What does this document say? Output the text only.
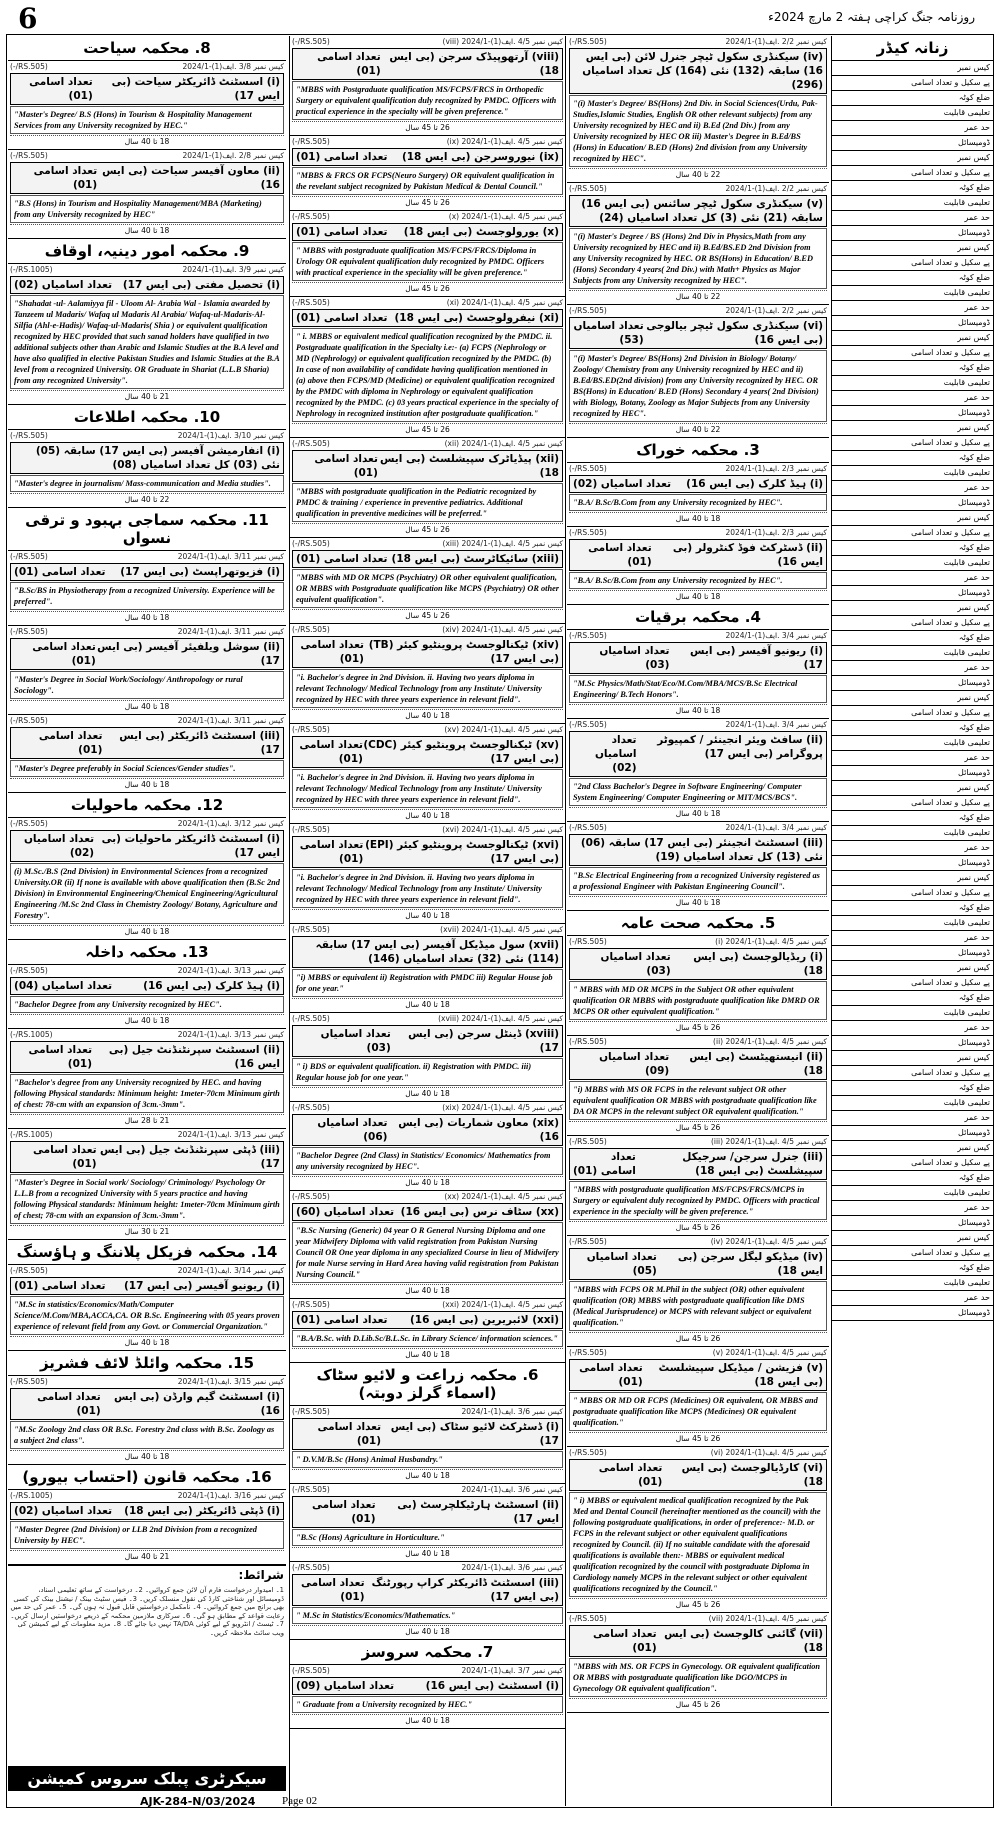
6	روزنامہ جنگ کراچی ہفتہ 2 مارچ 2024ء
8. محکمہ سیاحت
کیس نمبر 3/8 .ایف(1)-2024/1
(RS.505/-)
(i) اسسٹنٹ ڈائریکٹر سیاحت (بی ایس 17)
تعداد اسامی (01)
"Master's Degree/ B.S (Hons) in Tourism & Hospitality Management Services from any University recognized by HEC."
18 تا 40 سال
کیس نمبر 2/8 .ایف(1)-2024/1
(RS.505/-)
(ii) معاون آفیسر سیاحت (بی ایس 16)
تعداد اسامی (01)
"B.S (Hons) in Tourism and Hospitality Management/MBA (Marketing) from any University recognized by HEC"
18 تا 40 سال
9. محکمہ امور دینیہ، اوقاف
کیس نمبر 3/9 .ایف(1)-2024/1
(RS.1005/-)
(i) تحصیل مفتی (بی ایس 17)
تعداد اسامیاں (02)
"Shahadat -ul- Aalamiyya fil - Uloom Al- Arabia Wal - Islamia awarded by Tanzeem ul Madaris/ Wafaq ul Madaris Al Arabia/ Wafaq-ul-Madaris-Al-Silfia (Ahl-e-Hadis)/ Wafaq-ul-Madaris( Shia ) or equivalent qualification recognized by HEC provided that such sanad holders have qualified in two additional subjects other than Arabic and Islamic Studies at the B.A level and have also qualified in elective Pakistan Studies and Islamic Studies at the B.A level from a recognized University. OR Graduate in Shariat (L.L.B Sharia) from any recognized University".
21 تا 40 سال
10. محکمہ اطلاعات
کیس نمبر 3/10 .ایف(1)-2024/1
(RS.505/-)
(i) انفارمیشن آفیسر (بی ایس 17) سابقہ (05) نئی (03) کل تعداد اسامیاں (08)
"Master's degree in journalism/ Mass-communication and Media studies".
22 تا 40 سال
11. محکمہ سماجی بہبود و ترقی نسواں
کیس نمبر 3/11 .ایف(1)-2024/1
(RS.505/-)
(i) فزیوتھراپسٹ (بی ایس 17)
تعداد اسامی (01)
"B.Sc/BS in Physiotherapy from a recognized University. Experience will be preferred".
18 تا 40 سال
کیس نمبر 3/11 .ایف(1)-2024/1
(RS.505/-)
(ii) سوشل ویلفیئر آفیسر (بی ایس 17)
تعداد اسامی (01)
"Master's Degree in Social Work/Sociology/ Anthropology or rural Sociology".
18 تا 40 سال
کیس نمبر 3/11 .ایف(1)-2024/1
(RS.505/-)
(iii) اسسٹنٹ ڈائریکٹر (بی ایس 17)
تعداد اسامی (01)
"Master's Degree preferably in Social Sciences/Gender studies".
18 تا 40 سال
12. محکمہ ماحولیات
کیس نمبر 3/12 .ایف(1)-2024/1
(RS.505/-)
(i) اسسٹنٹ ڈائریکٹر ماحولیات (بی ایس 17)
تعداد اسامیاں (02)
(i) M.Sc./B.S (2nd Division) in Environmental Sciences from a recognized University.OR (ii) If none is available with above qualification then (B.Sc 2nd Division) in Environmental Engineering/Chemical Engineering/Agricultural Engineering /M.Sc 2nd Class in Chemistry Zoology/ Botany, Agriculture and Forestry".
18 تا 40 سال
13. محکمہ داخلہ
کیس نمبر 3/13 .ایف(1)-2024/1
(RS.505/-)
(i) ہیڈ کلرک (بی ایس 16)
تعداد اسامیاں (04)
"Bachelor Degree from any University recognized by HEC".
18 تا 40 سال
کیس نمبر 3/13 .ایف(1)-2024/1
(RS.1005/-)
(ii) اسسٹنٹ سپرنٹنڈنٹ جیل (بی ایس 16)
تعداد اسامی (01)
"Bachelor's degree from any University recognized by HEC. and having following Physical standards: Minimum height: 1meter-70cm Minimum girth of chest: 78-cm with an expansion of 3cm.-3mm".
21 تا 28 سال
کیس نمبر 3/13 .ایف(1)-2024/1
(RS.1005/-)
(iii) ڈپٹی سپرنٹنڈنٹ جیل (بی ایس 17)
تعداد اسامی (01)
"Master's Degree in Social work/ Sociology/ Criminology/ Psychology Or L.L.B from a recognized University with 5 years practice and having following Physical standards: Minimum height: 1meter-70cm Minimum girth of chest; 78-cm with an expansion of 3cm.-3mm".
21 تا 30 سال
14. محکمہ فزیکل پلاننگ و ہاؤسنگ
کیس نمبر 3/14 .ایف(1)-2024/1
(RS.505/-)
(i) ریونیو آفیسر (بی ایس 17)
تعداد اسامی (01)
"M.Sc in statistics/Economics/Math/Computer Science/M.Com/MBA,ACCA,CA. OR B.Sc. Engineering with 05 years proven experience of relevant field from any Govt. or Commercial Organization."
18 تا 40 سال
15. محکمہ وائلڈ لائف فشریز
کیس نمبر 3/15 .ایف(1)-2024/1
(RS.505/-)
(i) اسسٹنٹ گیم وارڈن (بی ایس 16)
تعداد اسامی (01)
"M.Sc Zoology 2nd class OR B.Sc. Forestry 2nd class with B.Sc. Zoology as a subject 2nd class".
18 تا 40 سال
16. محکمہ قانون (احتساب بیورو)
کیس نمبر 3/16 .ایف(1)-2024/1
(RS.1005/-)
(i) ڈپٹی ڈائریکٹر (بی ایس 18)
تعداد اسامیاں (02)
"Master Degree (2nd Division) or LLB 2nd Division from a recognized University by HEC".
21 تا 40 سال
شرائط:
1۔ امیدوار درخواست فارم آن لائن جمع کروائیں۔ 2۔ درخواست کے ساتھ تعلیمی اسناد، ڈومیسائل اور شناختی کارڈ کی نقول منسلک کریں۔ 3۔ فیس سٹیٹ بینک / نیشنل بینک کی کسی بھی برانچ میں جمع کروائیں۔ 4۔ نامکمل درخواستیں قابل قبول نہ ہوں گی۔ 5۔ عمر کی حد میں رعایت قواعد کے مطابق ہو گی۔ 6۔ سرکاری ملازمین محکمہ کے ذریعے درخواستیں ارسال کریں۔ 7۔ ٹیسٹ / انٹرویو کے لیے کوئی TA/DA نہیں دیا جائے گا۔ 8۔ مزید معلومات کے لیے کمیشن کی ویب سائٹ ملاحظہ کریں۔
کیس نمبر 4/5 .ایف(1)-2024/1 (viii)
(RS.505/-)
(viii) آرتھوپیڈک سرجن (بی ایس 18)
تعداد اسامی (01)
"MBBS with Postgraduate qualification MS/FCPS/FRCS in Orthopedic Surgery or equivalent qualification duly recognized by PMDC. Officers with practical experience in the specialty will be given preference."
26 تا 45 سال
کیس نمبر 4/5 .ایف(1)-2024/1 (ix)
(RS.505/-)
(ix) نیوروسرجن (بی ایس 18)
تعداد اسامی (01)
"MBBS & FRCS OR FCPS(Neuro Surgery) OR equivalent qualification in the revelant subject recognized by Pakistan Medical & Dental Council."
26 تا 45 سال
کیس نمبر 4/5 .ایف(1)-2024/1 (x)
(RS.505/-)
(x) یورولوجسٹ (بی ایس 18)
تعداد اسامی (01)
" MBBS with postgraduate qualification MS/FCPS/FRCS/Diploma in Urology OR equivalent qualification duly recognized by PMDC. Officers with practical experience in the speciality will be given preference."
26 تا 45 سال
کیس نمبر 4/5 .ایف(1)-2024/1 (xi)
(RS.505/-)
(xi) نیفرولوجسٹ (بی ایس 18)
تعداد اسامی (01)
" i. MBBS or equivalent medical qualification recognized by the PMDC. ii. Postgraduate qualification in the Specialty i.e:- (a) FCPS (Nephrology or MD (Nephrology) or equivalent qualification recognized by the PMDC. (b) In case of non availability of candidate having qualification mentioned in (a) above then FCPS/MD (Medicine) or equivalent qualification recognized by the PMDC with diploma in Nephrology or equivalent qualification recognized by the PMDC. (c) 03 years practical experience in the specialty of Nephrology in recognized institution after postgraduate qualification."
26 تا 45 سال
کیس نمبر 4/5 .ایف(1)-2024/1 (xii)
(RS.505/-)
(xii) پیڈیاٹرک سپیشلسٹ (بی ایس 18)
تعداد اسامی (01)
"MBBS with postgraduate qualification in the Pediatric recognized by PMDC & training / experience in preventive pediatrics. Additional qualification in preventive medicines will be preferred."
26 تا 45 سال
کیس نمبر 4/5 .ایف(1)-2024/1 (xiii)
(RS.505/-)
(xiii) سائیکاٹرسٹ (بی ایس 18)
تعداد اسامی (01)
"MBBS with MD OR MCPS (Psychiatry) OR other equivalent qualification, OR MBBS with Postgraduate qualification like MCPS (Psychiatry) OR other equivalent qualification".
26 تا 45 سال
کیس نمبر 4/5 .ایف(1)-2024/1 (xiv)
(RS.505/-)
(xiv) ٹیکنالوجسٹ پروینٹیو کیئر (TB) (بی ایس 17)
تعداد اسامی (01)
"i. Bachelor's degree in 2nd Division. ii. Having two years diploma in relevant Technology/ Medical Technology from any Institute/ University recognized by HEC with three years experience in relevant field".
18 تا 40 سال
کیس نمبر 4/5 .ایف(1)-2024/1 (xv)
(RS.505/-)
(xv) ٹیکنالوجسٹ پروینٹیو کیئر (CDC) (بی ایس 17)
تعداد اسامی (01)
"i. Bachelor's degree in 2nd Division. ii. Having two years diploma in relevant Technology/ Medical Technology from any Institute/ University recognized by HEC with three years experience in relevant field".
18 تا 40 سال
کیس نمبر 4/5 .ایف(1)-2024/1 (xvi)
(RS.505/-)
(xvi) ٹیکنالوجسٹ پروینٹیو کیئر (EPI) (بی ایس 17)
تعداد اسامی (01)
"i. Bachelor's degree in 2nd Division. ii. Having two years diploma in relevant Technology/ Medical Technology from any Institute/ University recognized by HEC with three years experience in relevant field".
18 تا 40 سال
کیس نمبر 4/5 .ایف(1)-2024/1 (xvii)
(RS.505/-)
(xvii) سول میڈیکل آفیسر (بی ایس 17) سابقہ (114) نئی (32) تعداد اسامیاں (146)
"i) MBBS or equivalent ii) Registration with PMDC iii) Regular House job for one year."
18 تا 40 سال
کیس نمبر 4/5 .ایف(1)-2024/1 (xviii)
(RS.505/-)
(xviii) ڈینٹل سرجن (بی ایس 17)
تعداد اسامیاں (03)
" i) BDS or equivalent qualification. ii) Registration with PMDC. iii) Regular house job for one year."
18 تا 40 سال
کیس نمبر 4/5 .ایف(1)-2024/1 (xix)
(RS.505/-)
(xix) معاون شماریات (بی ایس 16)
تعداد اسامیاں (06)
"Bachelor Degree (2nd Class) in Statistics/ Economics/ Mathematics from any university recognized by HEC".
18 تا 40 سال
کیس نمبر 4/5 .ایف(1)-2024/1 (xx)
(RS.505/-)
(xx) سٹاف نرس (بی ایس 16)
تعداد اسامیاں (60)
"B.Sc Nursing (Generic) 04 year O R General Nursing Diploma and one year Midwifery Diploma with valid registration from Pakistan Nursing Council OR One year diploma in any specialized Course in lieu of Midwifery for male Nurse serving in Hard Area having valid registration from Pakistan Nursing Council."
18 تا 40 سال
کیس نمبر 4/5 .ایف(1)-2024/1 (xxi)
(RS.505/-)
(xxi) لائبریرین (بی ایس 16)
تعداد اسامی (01)
"B.A/B.Sc. with D.Lib.Sc/B.L.Sc. in Library Science/ information sciences."
18 تا 40 سال
6. محکمہ زراعت و لائیو سٹاک (اسماء گرلز دوبتہ)
کیس نمبر 3/6 .ایف(1)-2024/1
(RS.505/-)
(i) ڈسٹرکٹ لائیو سٹاک (بی ایس 17)
تعداد اسامی (01)
" D.V.M/B.Sc (Hons) Animal Husbandry."
18 تا 40 سال
کیس نمبر 3/6 .ایف(1)-2024/1
(RS.505/-)
(ii) اسسٹنٹ ہارٹیکلچرسٹ (بی ایس 17)
تعداد اسامی (01)
"B.Sc (Hons) Agriculture in Horticulture."
18 تا 40 سال
کیس نمبر 3/6 .ایف(1)-2024/1
(RS.505/-)
(iii) اسسٹنٹ ڈائریکٹر کراپ رپورٹنگ (بی ایس 17)
تعداد اسامی (01)
" M.Sc in Statistics/Economics/Mathematics."
18 تا 40 سال
7. محکمہ سروسز
کیس نمبر 3/7 .ایف(1)-2024/1
(RS.505/-)
(i) اسسٹنٹ (بی ایس 16)
تعداد اسامیاں (09)
" Graduate from a University recognized by HEC."
18 تا 40 سال
کیس نمبر 2/2 .ایف(1)-2024/1
(RS.505/-)
(iv) سیکنڈری سکول ٹیچر جنرل لائن (بی ایس 16) سابقہ (132) نئی (164) کل تعداد اسامیاں (296)
"(i) Master's Degree/ BS(Hons) 2nd Div. in Social Sciences(Urdu, Pak-Studies,Islamic Studies, English OR other relevant subjects) from any University recognized by HEC and ii) B.Ed (2nd Div.) from any University recognized by HEC OR iii) Master's Degree in B.Ed/BS (Hons) in Education/ B.ED (Hons) 2nd division from any University recognized by HEC".
22 تا 40 سال
کیس نمبر 2/2 .ایف(1)-2024/1
(RS.505/-)
(v) سیکنڈری سکول ٹیچر سائنس (بی ایس 16) سابقہ (21) نئی (3) کل تعداد اسامیاں (24)
"(i) Master's Degree / BS (Hons) 2nd Div in Physics,Math from any University recognized by HEC and ii) B.Ed/BS.ED 2nd Division from any University recognized by HEC. OR BS(Hons) in Education/ B.ED (Hons) Secondary 4 years( 2nd Div.) with Math+ Physics as Major Subjects from any University recognized by HEC".
22 تا 40 سال
کیس نمبر 2/2 .ایف(1)-2024/1
(RS.505/-)
(vi) سیکنڈری سکول ٹیچر بیالوجی (بی ایس 16)
تعداد اسامیاں (53)
"(i) Master's Degree/ BS(Hons) 2nd Division in Biology/ Botany/ Zoology/ Chemistry from any University recognized by HEC and ii) B.Ed/BS.ED(2nd division) from any University recognized by HEC. OR BS(Hons) in Education/ B.ED (Hons) Secondary 4 years( 2nd Division) with Biology, Botany, Zoology as Major Subjects from any University recognized by HEC".
22 تا 40 سال
3. محکمہ خوراک
کیس نمبر 2/3 .ایف(1)-2024/1
(RS.505/-)
(i) ہیڈ کلرک (بی ایس 16)
تعداد اسامیاں (02)
"B.A/ B.Sc/B.Com from any University recognized by HEC".
18 تا 40 سال
کیس نمبر 2/3 .ایف(1)-2024/1
(RS.505/-)
(ii) ڈسٹرکٹ فوڈ کنٹرولر (بی ایس 16)
تعداد اسامی (01)
"B.A/ B.Sc/B.Com from any University recognized by HEC".
18 تا 40 سال
4. محکمہ برقیات
کیس نمبر 3/4 .ایف(1)-2024/1
(RS.505/-)
(i) ریونیو آفیسر (بی ایس 17)
تعداد اسامیاں (03)
"M.Sc Physics/Math/Stat/Eco/M.Com/MBA/MCS/B.Sc Electrical Engineering/ B.Tech Honors".
18 تا 40 سال
کیس نمبر 3/4 .ایف(1)-2024/1
(RS.505/-)
(ii) سافٹ ویئر انجینئر / کمپیوٹر پروگرامر (بی ایس 17)
تعداد اسامیاں (02)
"2nd Class Bachelor's Degree in Software Engineering/ Computer System Engineering/ Computer Engineering or MIT/MCS/BCS".
18 تا 40 سال
کیس نمبر 3/4 .ایف(1)-2024/1
(RS.505/-)
(iii) اسسٹنٹ انجینئر (بی ایس 17) سابقہ (06) نئی (13) کل تعداد اسامیاں (19)
"B.Sc Electrical Engineering from a recognized University registered as a professional Engineer with Pakistan Engineering Council".
18 تا 40 سال
5. محکمہ صحت عامہ
کیس نمبر 4/5 .ایف(1)-2024/1 (i)
(RS.505/-)
(i) ریڈیالوجسٹ (بی ایس 18)
تعداد اسامیاں (03)
" MBBS with MD OR MCPS in the Subject OR other equivalent qualification OR MBBS with postgraduate qualification like DMRD OR MCPS OR other equivalent qualification."
26 تا 45 سال
کیس نمبر 4/5 .ایف(1)-2024/1 (ii)
(RS.505/-)
(ii) انیستھیٹسٹ (بی ایس 18)
تعداد اسامیاں (09)
"i) MBBS with MS OR FCPS in the relevant subject OR other equivalent qualification OR MBBS with postgraduate qualification like DA OR MCPS in the relevant subject OR equivalent qualification."
26 تا 45 سال
کیس نمبر 4/5 .ایف(1)-2024/1 (iii)
(RS.505/-)
(iii) جنرل سرجن/ سرجیکل سپیشلسٹ (بی ایس 18)
تعداد اسامی (01)
"MBBS with postgraduate qualification MS/FCPS/FRCS/MCPS in Surgery or equivalent duly recognized by PMDC. Officers with practical experience in the specialty will be given preference."
26 تا 45 سال
کیس نمبر 4/5 .ایف(1)-2024/1 (iv)
(RS.505/-)
(iv) میڈیکو لیگل سرجن (بی ایس 18)
تعداد اسامیاں (05)
"MBBS with FCPS OR M.Phil in the subject (OR) other equivalent qualification (OR) MBBS with postgraduate qualification like DMS (Medical Jurisprudence) or MCPS with relevant subject or equivalent qualification."
26 تا 45 سال
کیس نمبر 4/5 .ایف(1)-2024/1 (v)
(RS.505/-)
(v) فزیشن / میڈیکل سپیشلسٹ (بی ایس 18)
تعداد اسامی (01)
" MBBS OR MD OR FCPS (Medicines) OR equivalent, OR MBBS and postgraduate qualification like MCPS (Medicines) OR equivalent qualification."
26 تا 45 سال
کیس نمبر 4/5 .ایف(1)-2024/1 (vi)
(RS.505/-)
(vi) کارڈیالوجسٹ (بی ایس 18)
تعداد اسامی (01)
" i) MBBS or equivalent medical qualification recognized by the Pak Med and Dental Council (hereinafter mentioned as the council) with the following postgraduate qualifications, in order of preference:- M.D. or FCPS in the relevant subject or other equivalent qualifications recognized by Council. (ii) If no suitable candidate with the aforesaid qualifications is available then:- MBBS or equivalent medical qualification recognized by the council with postgraduate Diploma in Cardiology namely MCPS in the relevant subject or other equivalent qualifications recognized by the Council."
26 تا 45 سال
کیس نمبر 4/5 .ایف(1)-2024/1 (vii)
(RS.505/-)
(vii) گائنی کالوجسٹ (بی ایس 18)
تعداد اسامی (01)
"MBBS with MS. OR FCPS in Gynecology. OR equivalent qualification OR MBBS with postgraduate qualification like DGO/MCPS in Gynecology OR equivalent qualification".
26 تا 45 سال
زنانہ کیڈر
کیس نمبر
پے سکیل و تعداد اسامی
ضلع کوٹہ
تعلیمی قابلیت
حد عمر
ڈومیسائل
کیس نمبر
پے سکیل و تعداد اسامی
ضلع کوٹہ
تعلیمی قابلیت
حد عمر
ڈومیسائل
کیس نمبر
پے سکیل و تعداد اسامی
ضلع کوٹہ
تعلیمی قابلیت
حد عمر
ڈومیسائل
کیس نمبر
پے سکیل و تعداد اسامی
ضلع کوٹہ
تعلیمی قابلیت
حد عمر
ڈومیسائل
کیس نمبر
پے سکیل و تعداد اسامی
ضلع کوٹہ
تعلیمی قابلیت
حد عمر
ڈومیسائل
کیس نمبر
پے سکیل و تعداد اسامی
ضلع کوٹہ
تعلیمی قابلیت
حد عمر
ڈومیسائل
کیس نمبر
پے سکیل و تعداد اسامی
ضلع کوٹہ
تعلیمی قابلیت
حد عمر
ڈومیسائل
کیس نمبر
پے سکیل و تعداد اسامی
ضلع کوٹہ
تعلیمی قابلیت
حد عمر
ڈومیسائل
کیس نمبر
پے سکیل و تعداد اسامی
ضلع کوٹہ
تعلیمی قابلیت
حد عمر
ڈومیسائل
کیس نمبر
پے سکیل و تعداد اسامی
ضلع کوٹہ
تعلیمی قابلیت
حد عمر
ڈومیسائل
کیس نمبر
پے سکیل و تعداد اسامی
ضلع کوٹہ
تعلیمی قابلیت
حد عمر
ڈومیسائل
کیس نمبر
پے سکیل و تعداد اسامی
ضلع کوٹہ
تعلیمی قابلیت
حد عمر
ڈومیسائل
کیس نمبر
پے سکیل و تعداد اسامی
ضلع کوٹہ
تعلیمی قابلیت
حد عمر
ڈومیسائل
کیس نمبر
پے سکیل و تعداد اسامی
ضلع کوٹہ
تعلیمی قابلیت
حد عمر
ڈومیسائل
سیکرٹری پبلک سروس کمیشن
AJK-284-N/03/2024 Page 02
